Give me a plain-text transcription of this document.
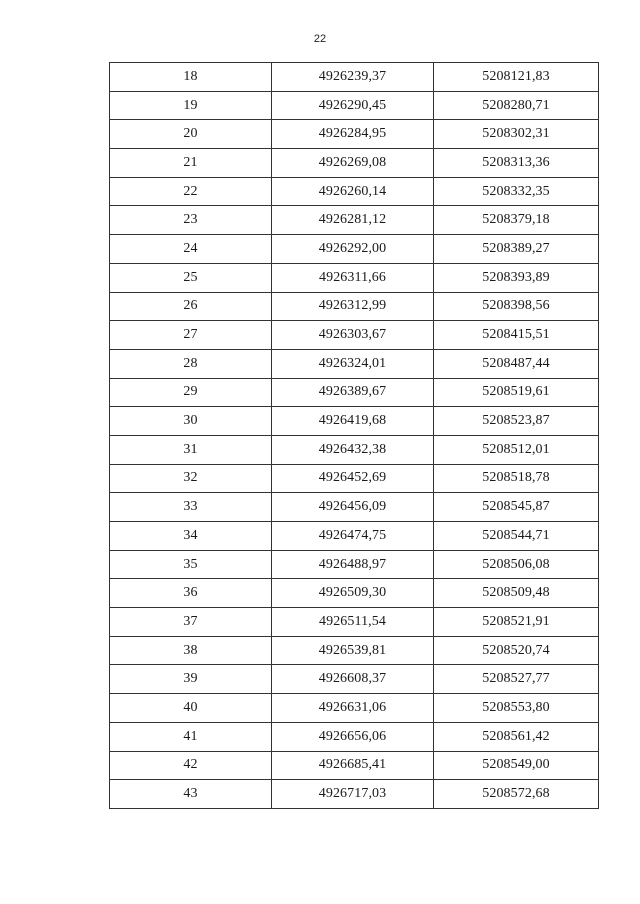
22
18	4926239,37	5208121,83
19	4926290,45	5208280,71
20	4926284,95	5208302,31
21	4926269,08	5208313,36
22	4926260,14	5208332,35
23	4926281,12	5208379,18
24	4926292,00	5208389,27
25	4926311,66	5208393,89
26	4926312,99	5208398,56
27	4926303,67	5208415,51
28	4926324,01	5208487,44
29	4926389,67	5208519,61
30	4926419,68	5208523,87
31	4926432,38	5208512,01
32	4926452,69	5208518,78
33	4926456,09	5208545,87
34	4926474,75	5208544,71
35	4926488,97	5208506,08
36	4926509,30	5208509,48
37	4926511,54	5208521,91
38	4926539,81	5208520,74
39	4926608,37	5208527,77
40	4926631,06	5208553,80
41	4926656,06	5208561,42
42	4926685,41	5208549,00
43	4926717,03	5208572,68
